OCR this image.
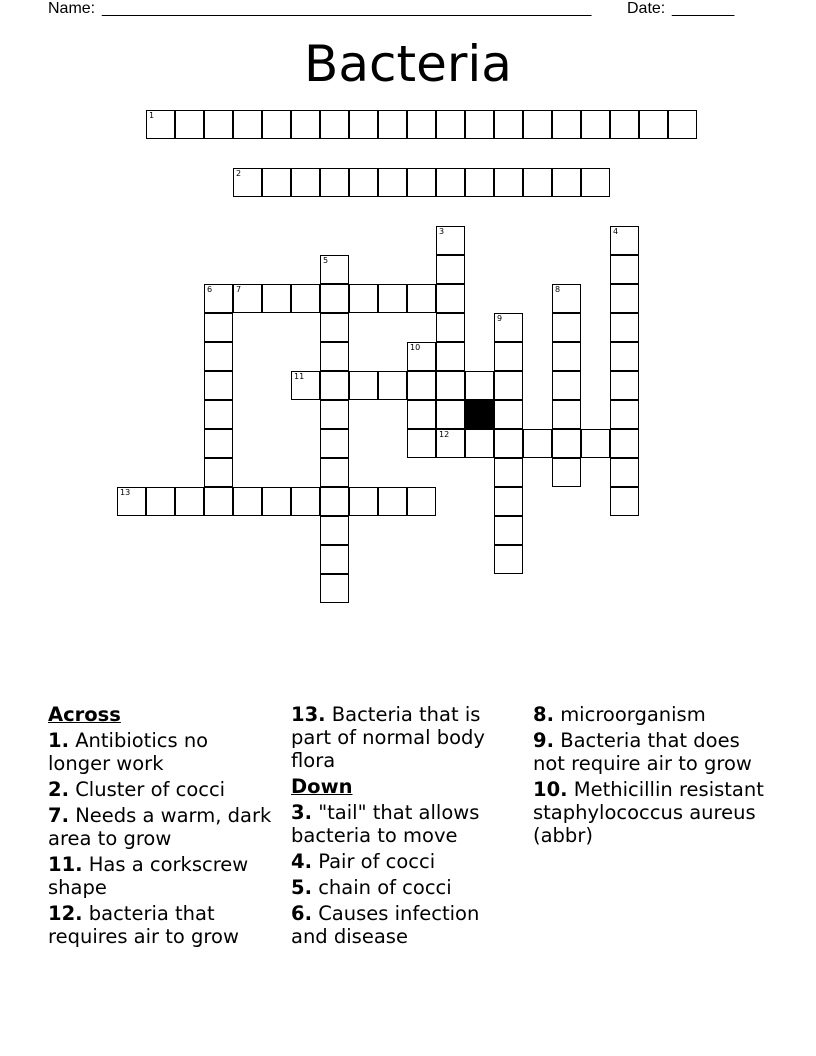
Name: _______________________________________________________ Date: _______
Bacteria
1
2
3
12
4
5
6	7	8
9
10
11
13
Across
1. Antibiotics no longer work
2. Cluster of cocci
7. Needs a warm, dark area to grow
11. Has a corkscrew shape
12. bacteria that requires air to grow
13. Bacteria that is part of normal body flora
Down
3. "tail" that allows bacteria to move
4. Pair of cocci
5. chain of cocci
6. Causes infection and disease
8. microorganism
9. Bacteria that does not require air to grow
10. Methicillin resistant staphylococcus aureus (abbr)
